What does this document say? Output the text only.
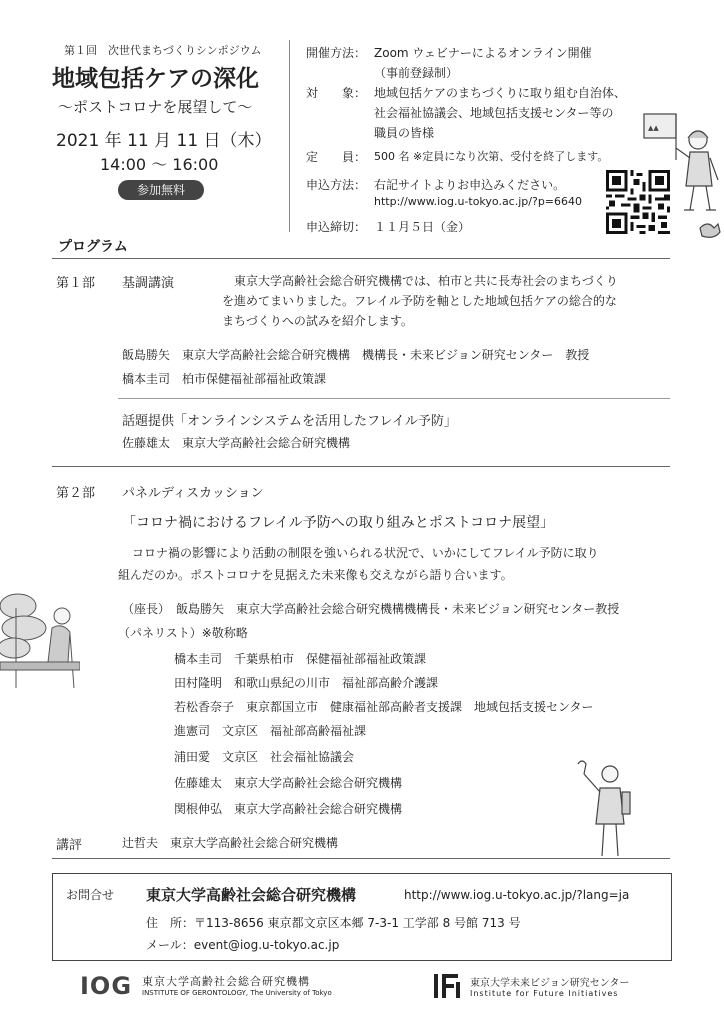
第１回　次世代まちづくりシンポジウム
地域包括ケアの深化
～ポストコロナを展望して～
2021 年 11 月 11 日（木）
14:00 ～ 16:00
参加無料
開催方法： Zoom ウェビナーによるオンライン開催
（事前登録制）
対　　象： 地域包括ケアのまちづくりに取り組む自治体、
社会福祉協議会、地域包括支援センター等の
職員の皆様
定　　員： 500 名 ※定員になり次第、受付を終了します。
申込方法： 右記サイトよりお申込みください。
http://www.iog.u-tokyo.ac.jp/?p=6640
申込締切： １１月５日（金）
▲▲
プログラム
第１部 基調講演	東京大学高齢社会総合研究機構では、柏市と共に長寿社会のまちづくり
を進めてまいりました。フレイル予防を軸とした地域包括ケアの総合的な
まちづくりへの試みを紹介します。
飯島勝矢　東京大学高齢社会総合研究機構　機構長・未来ビジョン研究センター　教授
橋本圭司　柏市保健福祉部福祉政策課
話題提供「オンラインシステムを活用したフレイル予防」
佐藤雄太　東京大学高齢社会総合研究機構
第２部 パネルディスカッション
「コロナ禍におけるフレイル予防への取り組みとポストコロナ展望」
コロナ禍の影響により活動の制限を強いられる状況で、いかにしてフレイル予防に取り
組んだのか。ポストコロナを見据えた未来像も交えながら語り合います。
（座長）　飯島勝矢　東京大学高齢社会総合研究機構機構長・未来ビジョン研究センター教授
（パネリスト）※敬称略
橋本圭司　千葉県柏市　保健福祉部福祉政策課
田村隆明　和歌山県紀の川市　福祉部高齢介護課
若松香奈子　東京都国立市　健康福祉部高齢者支援課　地域包括支援センター
進憲司　文京区　福祉部高齢福祉課
浦田愛　文京区　社会福祉協議会
佐藤雄太　東京大学高齢社会総合研究機構
関根伸弘　東京大学高齢社会総合研究機構
講評	辻哲夫　東京大学高齢社会総合研究機構
お問合せ 東京大学高齢社会総合研究機構	http://www.iog.u-tokyo.ac.jp/?lang=ja
住　所：〒113-8656 東京都文京区本郷 7-3-1 工学部 8 号館 713 号
メール：event@iog.u-tokyo.ac.jp
IOG 東京大学高齢社会総合研究機構
INSTITUTE OF GERONTOLOGY, The University of Tokyo
東京大学未来ビジョン研究センター
Institute for Future Initiatives
